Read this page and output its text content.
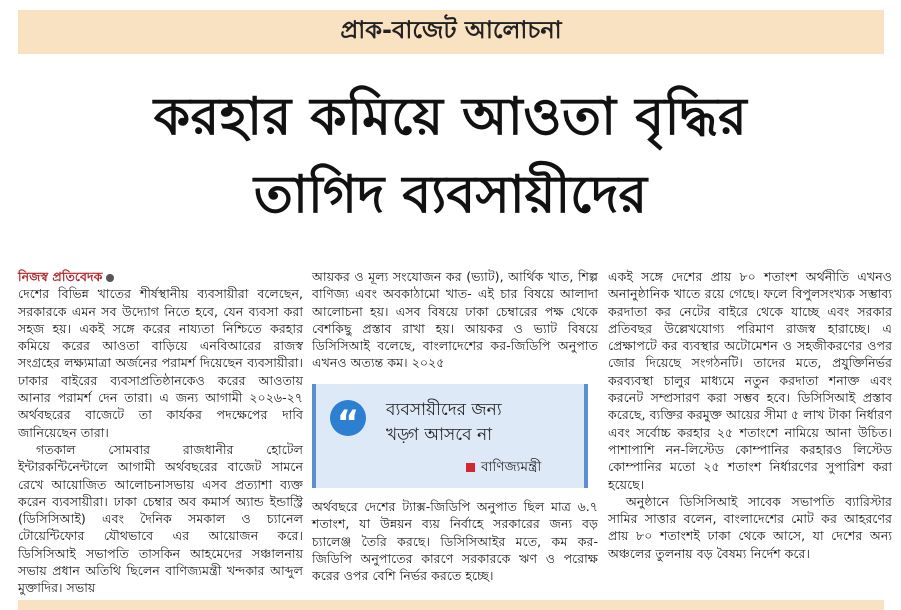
প্রাক-বাজেট আলোচনা
করহার কমিয়ে আওতা বৃদ্ধির
তাগিদ ব্যবসায়ীদের

নিজস্ব প্রতিবেদক

দেশের বিভিন্ন খাতের শীর্ষস্থানীয় ব্যবসায়ীরা বলেছেন, সরকারকে এমন সব উদ্যোগ নিতে হবে, যেন ব্যবসা করা সহজ হয়। একই সঙ্গে করের নায্যতা নিশ্চিতে করহার কমিয়ে করের আওতা বাড়িয়ে এনবিআরের রাজস্ব সংগ্রহের লক্ষ্যমাত্রা অর্জনের পরামর্শ দিয়েছেন ব্যবসায়ীরা। ঢাকার বাইরের ব্যবসাপ্রতিষ্ঠানকেও করের আওতায় আনার পরামর্শ দেন তারা। এ জন্য আগামী ২০২৬-২৭ অর্থবছরের বাজেটে তা কার্যকর পদক্ষেপের দাবি জানিয়েছেন তারা।

গতকাল সোমবার রাজধানীর হোটেল ইন্টারকন্টিনেন্টালে আগামী অর্থবছরের বাজেট সামনে রেখে আয়োজিত আলোচনাসভায় এসব প্রত্যাশা ব্যক্ত করেন ব্যবসায়ীরা। ঢাকা চেম্বার অব কমার্স অ্যান্ড ইন্ডাস্ট্রি (ডিসিসিআই) এবং দৈনিক সমকাল ও চ্যানেল টোয়েন্টিফোর যৌথভাবে এর আয়োজন করে। ডিসিসিআই সভাপতি তাসকিন আহমেদের সঞ্চালনায় সভায় প্রধান অতিথি ছিলেন বাণিজ্যমন্ত্রী খন্দকার আব্দুল মুক্তাদির। সভায়

আয়কর ও মূল্য সংযোজন কর (ভ্যাট), আর্থিক খাত, শিল্প বাণিজ্য এবং অবকাঠামো খাত- এই চার বিষয়ে আলাদা আলোচনা হয়। এসব বিষয়ে ঢাকা চেম্বারের পক্ষ থেকে বেশকিছু প্রস্তাব রাখা হয়। আয়কর ও ভ্যাট বিষয়ে ডিসিসিআই বলেছে, বাংলাদেশের কর-জিডিপি অনুপাত এখনও অত্যন্ত কম। ২০২৫

“	ব্যবসায়ীদের জন্য
খড়্গ আসবে না
বাণিজ্যমন্ত্রী

অর্থবছরে দেশের ট্যাক্স-জিডিপি অনুপাত ছিল মাত্র ৬.৭ শতাংশ, যা উন্নয়ন ব্যয় নির্বাহে সরকারের জন্য বড় চ্যালেঞ্জ তৈরি করছে। ডিসিসিআইর মতে, কম কর-জিডিপি অনুপাতের কারণে সরকারকে ঋণ ও পরোক্ষ করের ওপর বেশি নির্ভর করতে হচ্ছে।

একই সঙ্গে দেশের প্রায় ৮০ শতাংশ অর্থনীতি এখনও অনানুষ্ঠানিক খাতে রয়ে গেছে। ফলে বিপুলসংখ্যক সম্ভাব্য করদাতা কর নেটের বাইরে থেকে যাচ্ছে এবং সরকার প্রতিবছর উল্লেখযোগ্য পরিমাণ রাজস্ব হারাচ্ছে। এ প্রেক্ষাপটে কর ব্যবস্থার অটোমেশন ও সহজীকরণের ওপর জোর দিয়েছে সংগঠনটি। তাদের মতে, প্রযুক্তিনির্ভর করব্যবস্থা চালুর মাধ্যমে নতুন করদাতা শনাক্ত এবং করনেট সম্প্রসারণ করা সম্ভব হবে। ডিসিসিআই প্রস্তাব করেছে, ব্যক্তির করমুক্ত আয়ের সীমা ৫ লাখ টাকা নির্ধারণ এবং সর্বোচ্চ করহার ২৫ শতাংশে নামিয়ে আনা উচিত। পাশাপাশি নন-লিস্টেড কোম্পানির করহারও লিস্টেড কোম্পানির মতো ২৫ শতাংশ নির্ধারণের সুপারিশ করা হয়েছে।

অনুষ্ঠানে ডিসিসিআই সাবেক সভাপতি ব্যারিস্টার সামির সাত্তার বলেন, বাংলাদেশের মোট কর আহরণের প্রায় ৮০ শতাংশই ঢাকা থেকে আসে, যা দেশের অন্য অঞ্চলের তুলনায় বড় বৈষম্য নির্দেশ করে।
